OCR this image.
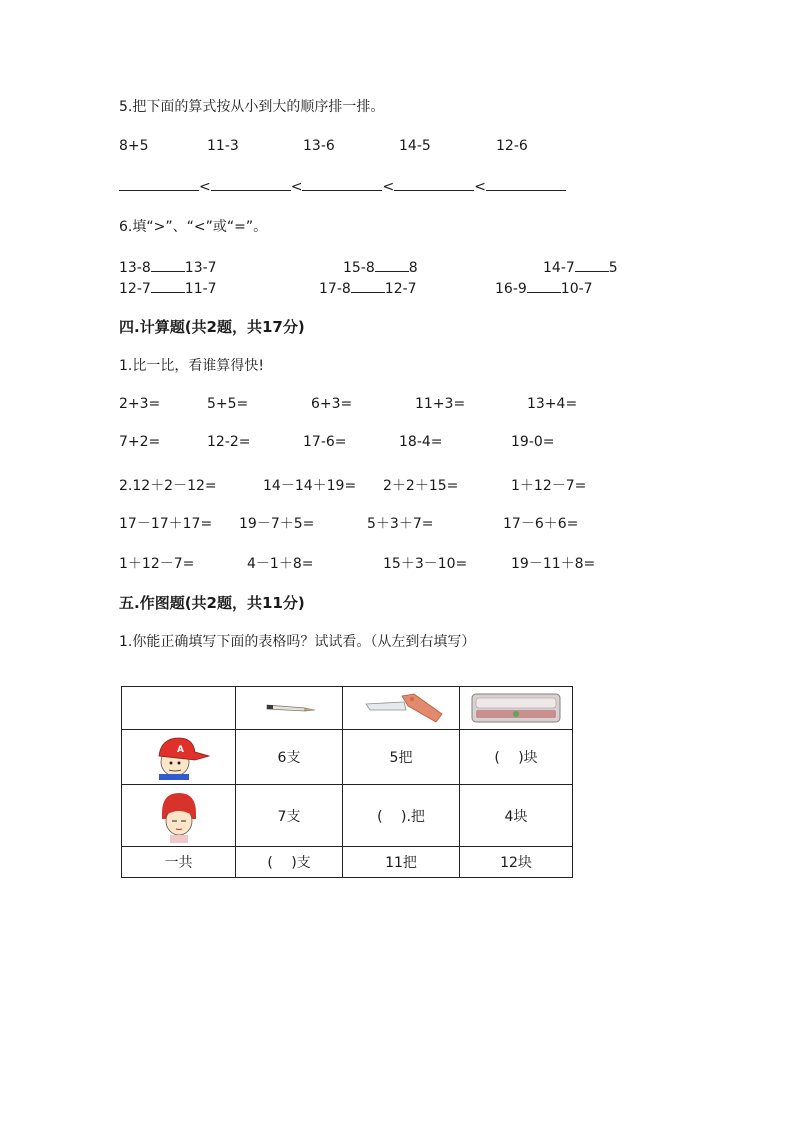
5.把下面的算式按从小到大的顺序排一排。
8+5	11-3	13-6	14-5	12-6
<	<	<	<
6.填“>”、“<”或“=”。
13-8 13-7	15-8 8	14-7 5
12-7 11-7	17-8 12-7	16-9 10-7
四.计算题(共2题，共17分)
1.比一比，看谁算得快!
2+3=	5+5=	6+3=	11+3=	13+4=
7+2=	12-2=	17-6=	18-4=	19-0=
2.12＋2－12=	14－14＋19= 2＋2＋15=	1＋12－7=
17－17＋17= 19－7＋5=	5＋3＋7=	17－6＋6=
1＋12－7=	4－1＋8=	15＋3－10=	19－11＋8=
五.作图题(共2题，共11分)
1.你能正确填写下面的表格吗？试试看。（从左到右填写）

A	6支	5把	(　 )块

	7支	(　 ).把	4块
一共	(　 )支	11把	12块
